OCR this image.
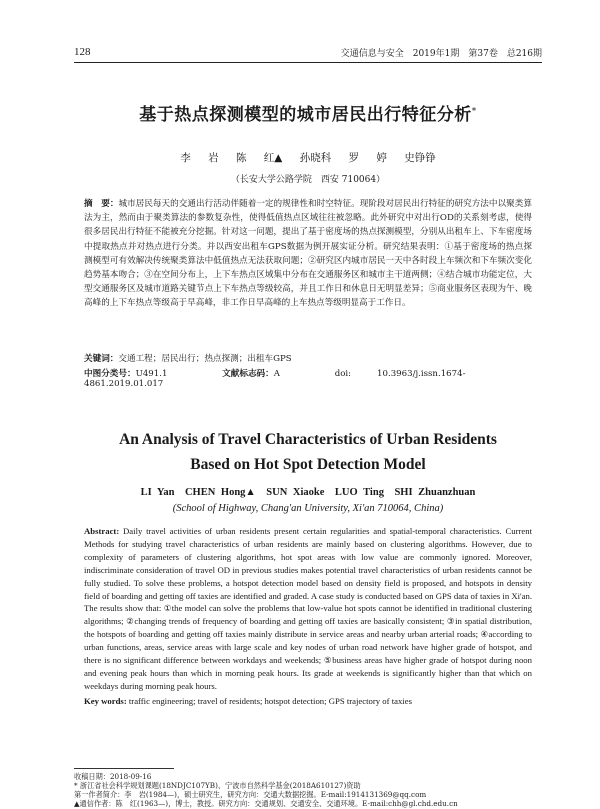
128	交通信息与安全　2019年1期　第37卷　总216期
基于热点探测模型的城市居民出行特征分析*
李 岩 陈 红▲ 孙晓科 罗 婷 史铮铮
（长安大学公路学院　西安 710064）
摘　要：城市居民每天的交通出行活动伴随着一定的规律性和时空特征。现阶段对居民出行特征的研究方法中以聚类算法为主，然而由于聚类算法的参数复杂性，使得低值热点区域往往被忽略。此外研究中对出行OD的关系刻考虑，使得很多居民出行特征不能被充分挖掘。针对这一问题，提出了基于密度场的热点探测模型，分别从出租车上、下车密度场中提取热点并对热点进行分类。并以西安出租车GPS数据为例开展实证分析。研究结果表明：①基于密度场的热点探测模型可有效解决传统聚类算法中低值热点无法获取问题；②研究区内城市居民一天中各时段上车频次和下车频次变化趋势基本吻合；③在空间分布上，上下车热点区域集中分布在交通服务区和城市主干道两侧；④结合城市功能定位，大型交通服务区及城市道路关键节点上下车热点等级较高，并且工作日和休息日无明显差异；⑤商业服务区表现为午、晚高峰的上下车热点等级高于早高峰，非工作日早高峰的上车热点等级明显高于工作日。
关键词：交通工程；居民出行；热点探测；出租车GPS
中图分类号：U491.1	文献标志码：A	doi:	10.3963/j.issn.1674-4861.2019.01.017
An Analysis of Travel Characteristics of Urban Residents
Based on Hot Spot Detection Model
LI Yan　CHEN Hong▲　SUN Xiaoke　LUO Ting　SHI Zhuanzhuan
(School of Highway, Chang'an University, Xi'an 710064, China)
Abstract: Daily travel activities of urban residents present certain regularities and spatial-temporal characteristics. Current Methods for studying travel characteristics of urban residents are mainly based on clustering algorithms. However, due to complexity of parameters of clustering algorithms, hot spot areas with low value are commonly ignored. Moreover, indiscriminate consideration of travel OD in previous studies makes potential travel characteristics of urban residents cannot be fully studied. To solve these problems, a hotspot detection model based on density field is proposed, and hotspots in density field of boarding and getting off taxies are identified and graded. A case study is conducted based on GPS data of taxies in Xi'an. The results show that: ①the model can solve the problems that low-value hot spots cannot be identified in traditional clustering algorithms; ②changing trends of frequency of boarding and getting off taxies are basically consistent; ③in spatial distribution, the hotspots of boarding and getting off taxies mainly distribute in service areas and nearby urban arterial roads; ④according to urban functions, areas, service areas with large scale and key nodes of urban road network have higher grade of hotspot, and there is no significant difference between workdays and weekends; ⑤business areas have higher grade of hotspot during noon and evening peak hours than which in morning peak hours. Its grade at weekends is significantly higher than that which on weekdays during morning peak hours.
Key words: traffic engineering; travel of residents; hotspot detection; GPS trajectory of taxies
收稿日期：2018-09-16
* 浙江省社会科学规划课题(18NDJC107YB)、宁波市自然科学基金(2018A610127)资助
第一作者简介：李　岩(1984—)，硕士研究生，研究方向：交通大数据挖掘。E-mail:1914131369@qq.com
▲通信作者：陈　红(1963—)，博士，教授。研究方向：交通规划、交通安全、交通环境。E-mail:chh@gl.chd.edu.cn
